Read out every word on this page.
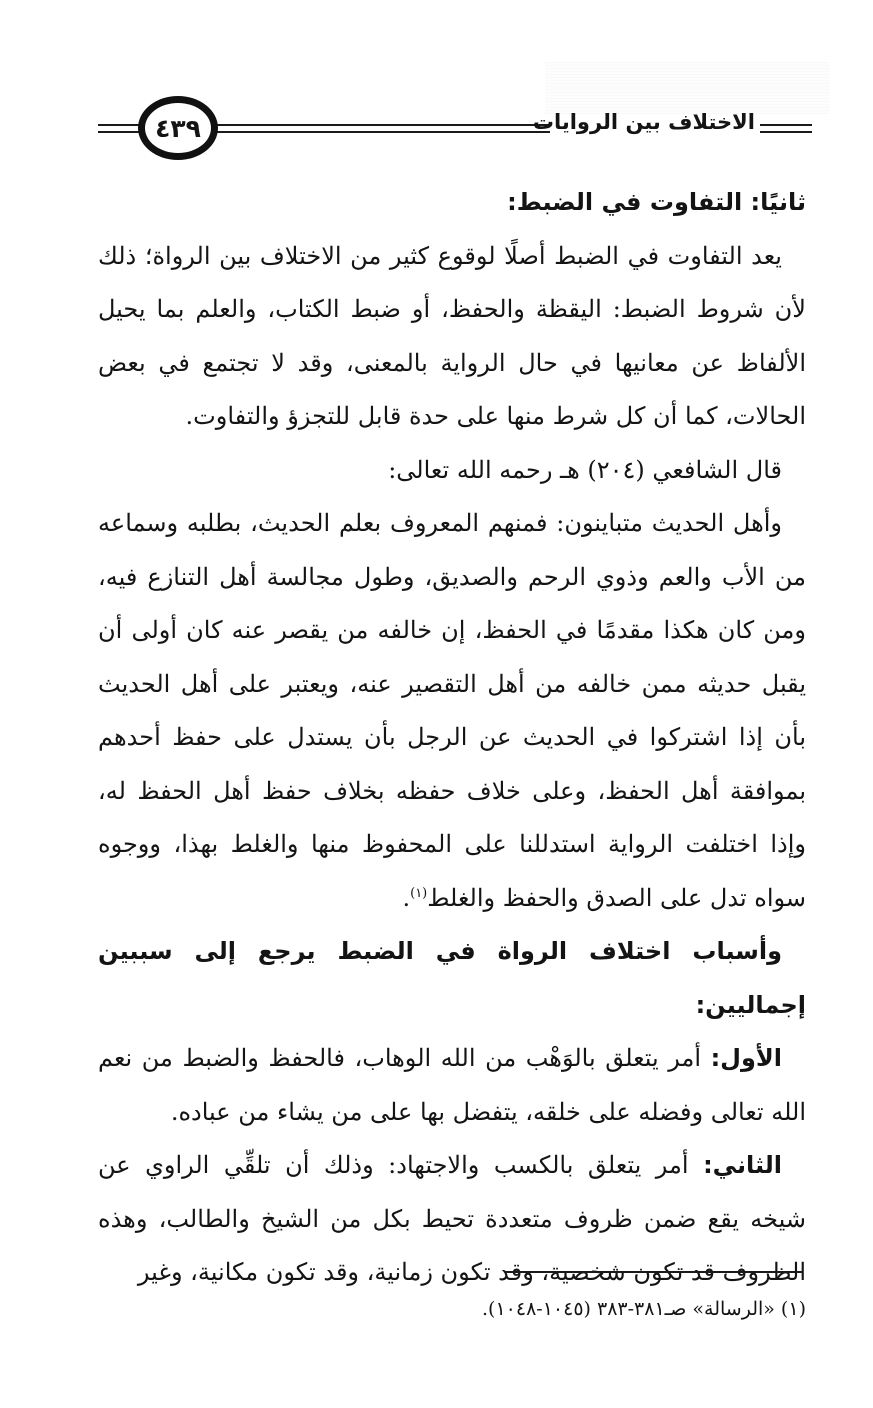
الاختلاف بين الروايات
٤٣٩

ثانيًا: التفاوت في الضبط:

يعد التفاوت في الضبط أصلًا لوقوع كثير من الاختلاف بين الرواة؛ ذلك لأن شروط الضبط: اليقظة والحفظ، أو ضبط الكتاب، والعلم بما يحيل الألفاظ عن معانيها في حال الرواية بالمعنى، وقد لا تجتمع في بعض الحالات، كما أن كل شرط منها على حدة قابل للتجزؤ والتفاوت.

قال الشافعي (٢٠٤) هـ رحمه الله تعالى:

وأهل الحديث متباينون: فمنهم المعروف بعلم الحديث، بطلبه وسماعه من الأب والعم وذوي الرحم والصديق، وطول مجالسة أهل التنازع فيه، ومن كان هكذا مقدمًا في الحفظ، إن خالفه من يقصر عنه كان أولى أن يقبل حديثه ممن خالفه من أهل التقصير عنه، ويعتبر على أهل الحديث بأن إذا اشتركوا في الحديث عن الرجل بأن يستدل على حفظ أحدهم بموافقة أهل الحفظ، وعلى خلاف حفظه بخلاف حفظ أهل الحفظ له، وإذا اختلفت الرواية استدللنا على المحفوظ منها والغلط بهذا، ووجوه سواه تدل على الصدق والحفظ والغلط$^{(١)}$.

وأسباب اختلاف الرواة في الضبط يرجع إلى سببين إجماليين:

الأول: أمر يتعلق بالوَهْب من الله الوهاب، فالحفظ والضبط من نعم الله تعالى وفضله على خلقه، يتفضل بها على من يشاء من عباده.

الثاني: أمر يتعلق بالكسب والاجتهاد: وذلك أن تلقِّي الراوي عن شيخه يقع ضمن ظروف متعددة تحيط بكل من الشيخ والطالب، وهذه الظروف قد تكون شخصية، وقد تكون زمانية، وقد تكون مكانية، وغير

(١) «الرسالة» صـ٣٨١-٣٨٣ (١٠٤٥-١٠٤٨).
